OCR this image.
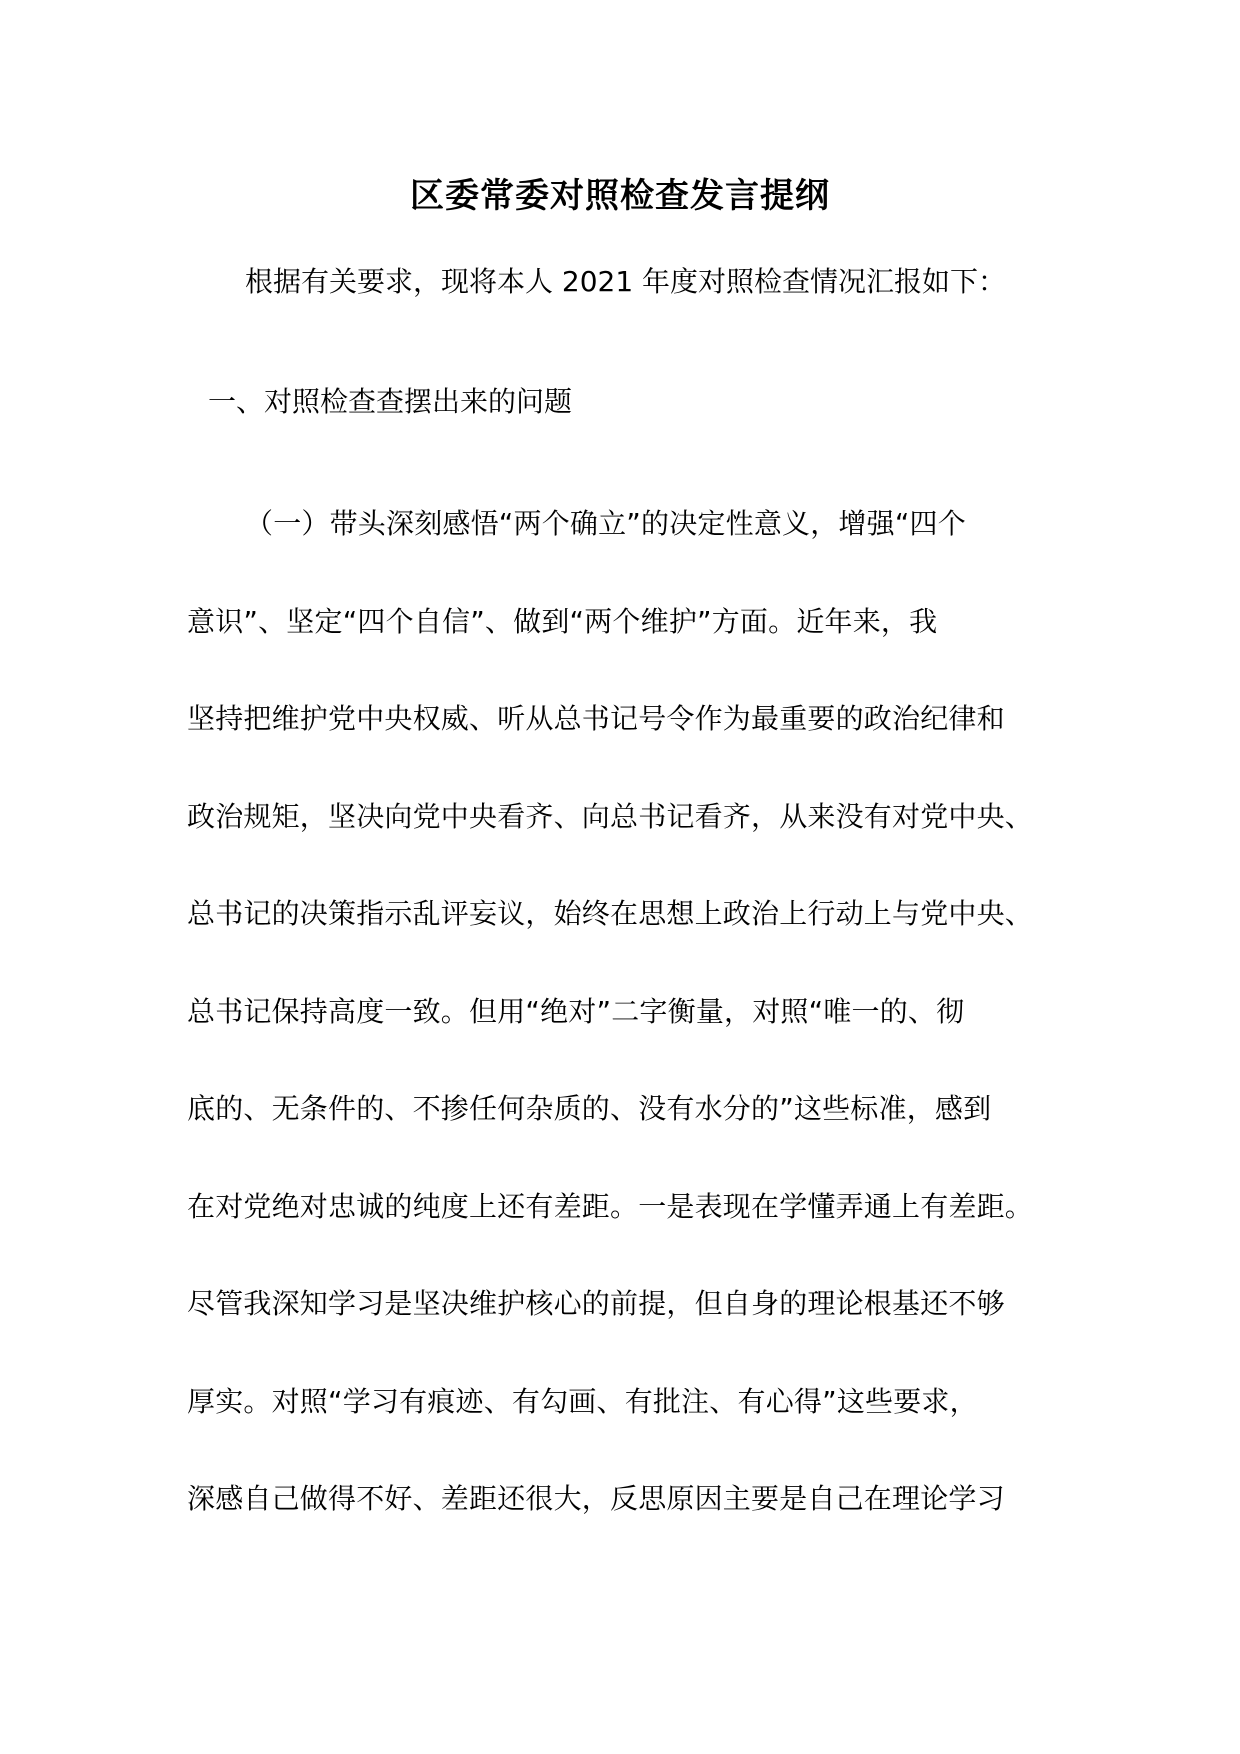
区委常委对照检查发言提纲
根据有关要求，现将本人 2021 年度对照检查情况汇报如下：
一、对照检查查摆出来的问题
（一）带头深刻感悟“两个确立”的决定性意义，增强“四个
意识”、坚定“四个自信”、做到“两个维护”方面。近年来，我
坚持把维护党中央权威、听从总书记号令作为最重要的政治纪律和
政治规矩，坚决向党中央看齐、向总书记看齐，从来没有对党中央、
总书记的决策指示乱评妄议，始终在思想上政治上行动上与党中央、
总书记保持高度一致。但用“绝对”二字衡量，对照“唯一的、彻
底的、无条件的、不掺任何杂质的、没有水分的”这些标准，感到
在对党绝对忠诚的纯度上还有差距。一是表现在学懂弄通上有差距。
尽管我深知学习是坚决维护核心的前提，但自身的理论根基还不够
厚实。对照“学习有痕迹、有勾画、有批注、有心得”这些要求，
深感自己做得不好、差距还很大，反思原因主要是自己在理论学习
